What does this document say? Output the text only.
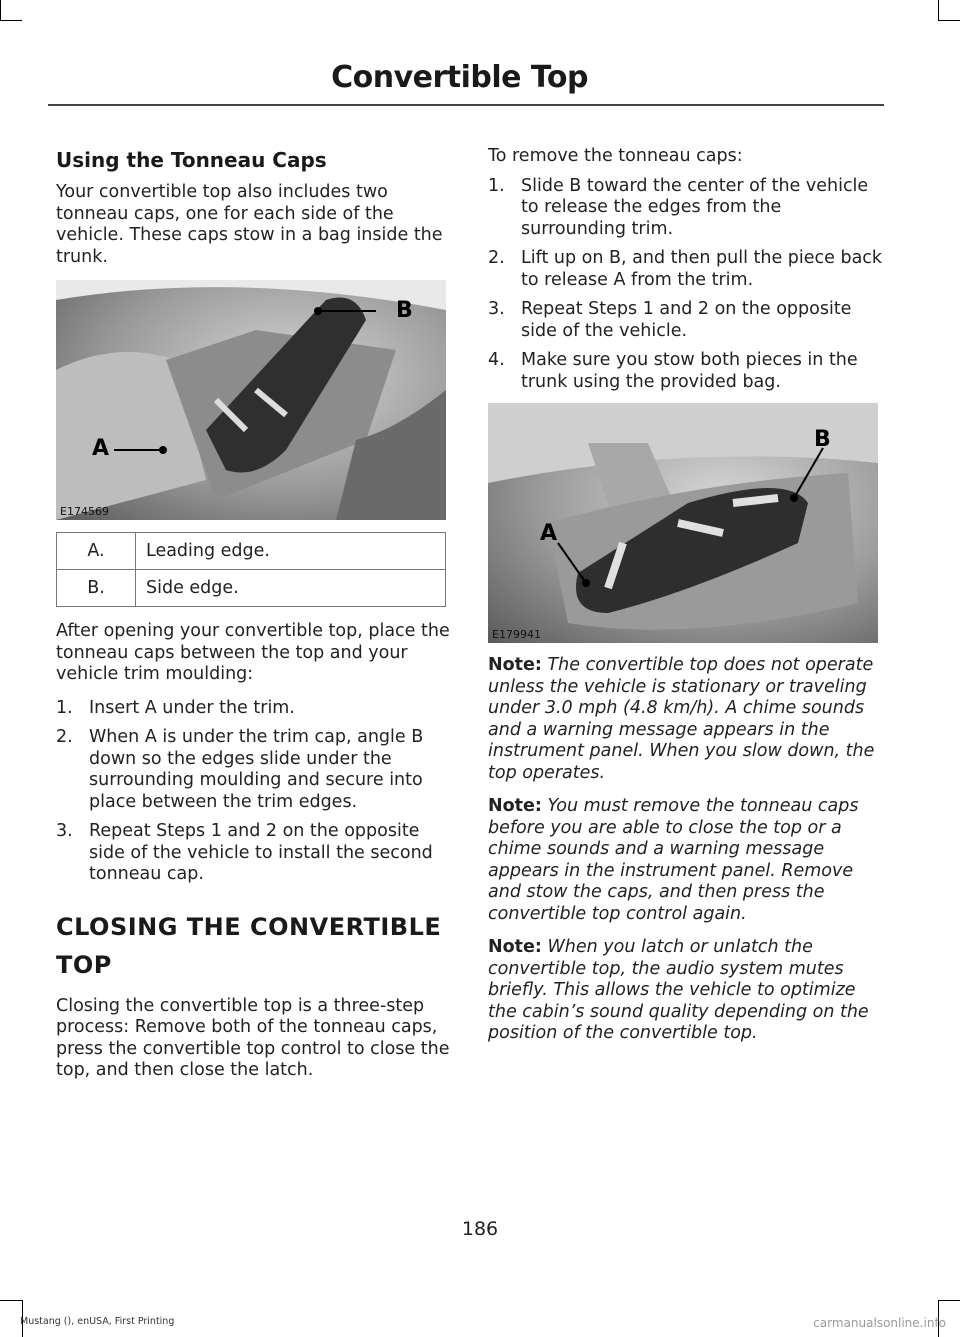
Convertible Top
Using the Tonneau Caps

Your convertible top also includes two tonneau caps, one for each side of the vehicle. These caps stow in a bag inside the trunk.

B
A
E174569
A.	Leading edge.
B.	Side edge.

After opening your convertible top, place the tonneau caps between the top and your vehicle trim moulding:

1. Insert A under the trim.
2. When A is under the trim cap, angle B down so the edges slide under the surrounding moulding and secure into place between the trim edges.
3. Repeat Steps 1 and 2 on the opposite side of the vehicle to install the second tonneau cap.
CLOSING THE CONVERTIBLE TOP

Closing the convertible top is a three-step process: Remove both of the tonneau caps, press the convertible top control to close the top, and then close the latch.

To remove the tonneau caps:

1. Slide B toward the center of the vehicle to release the edges from the surrounding trim.
2. Lift up on B, and then pull the piece back to release A from the trim.
3. Repeat Steps 1 and 2 on the opposite side of the vehicle.
4. Make sure you stow both pieces in the trunk using the provided bag.
B
A
E179941

Note: The convertible top does not operate unless the vehicle is stationary or traveling under 3.0 mph (4.8 km/h). A chime sounds and a warning message appears in the instrument panel. When you slow down, the top operates.

Note: You must remove the tonneau caps before you are able to close the top or a chime sounds and a warning message appears in the instrument panel. Remove and stow the caps, and then press the convertible top control again.

Note: When you latch or unlatch the convertible top, the audio system mutes briefly. This allows the vehicle to optimize the cabin’s sound quality depending on the position of the convertible top.

186
Mustang (), enUSA, First Printing	carmanualsonline.info
